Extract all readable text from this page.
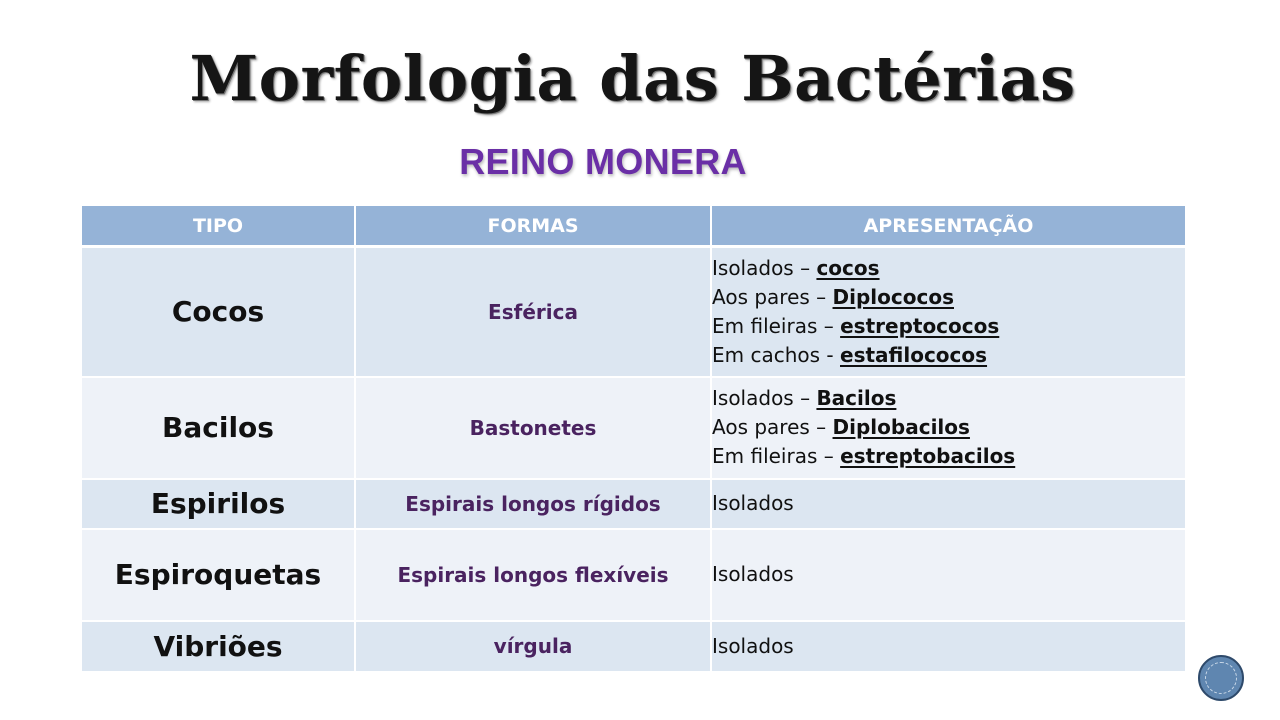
Morfologia das Bactérias
REINO MONERA
TIPO	FORMAS	APRESENTAÇÃO
Cocos	Esférica	Isolados – cocos
Aos pares – Diplococos
Em fileiras – estreptococos
Em cachos - estafilococos

Bacilos	Bastonetes	Isolados – Bacilos
Aos pares – Diplobacilos
Em fileiras – estreptobacilos

Espirilos	Espirais longos rígidos	Isolados

Espiroquetas	Espirais longos flexíveis	Isolados

Vibriões	vírgula	Isolados
